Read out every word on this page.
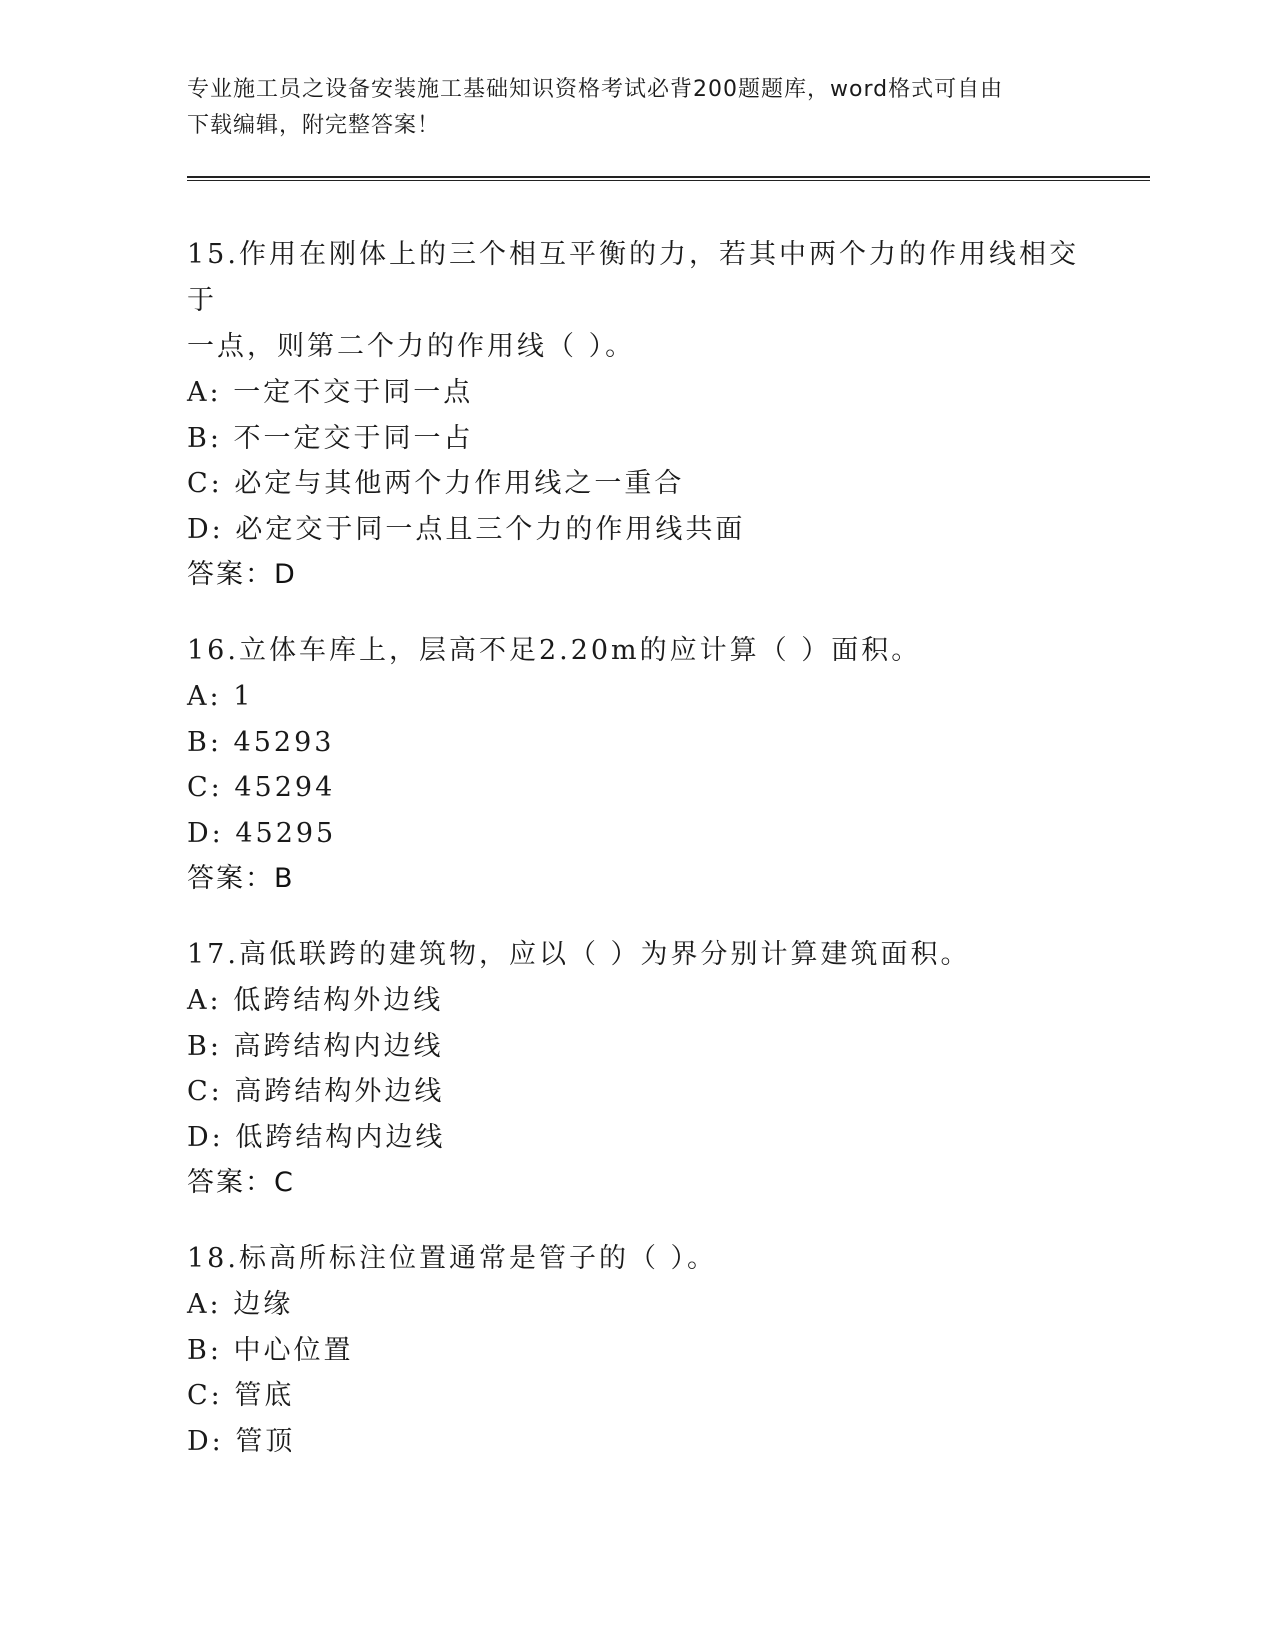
专业施工员之设备安装施工基础知识资格考试必背200题题库，word格式可自由
下载编辑，附完整答案！
15.作用在刚体上的三个相互平衡的力，若其中两个力的作用线相交于
一点，则第二个力的作用线（ ）。
A: 一定不交于同一点
B: 不一定交于同一占
C: 必定与其他两个力作用线之一重合
D: 必定交于同一点且三个力的作用线共面
答案：D
16.立体车库上，层高不足2.20m的应计算（ ）面积。
A: 1
B: 45293
C: 45294
D: 45295
答案：B
17.高低联跨的建筑物，应以（ ）为界分别计算建筑面积。
A: 低跨结构外边线
B: 高跨结构内边线
C: 高跨结构外边线
D: 低跨结构内边线
答案：C
18.标高所标注位置通常是管子的（ ）。
A: 边缘
B: 中心位置
C: 管底
D: 管顶
